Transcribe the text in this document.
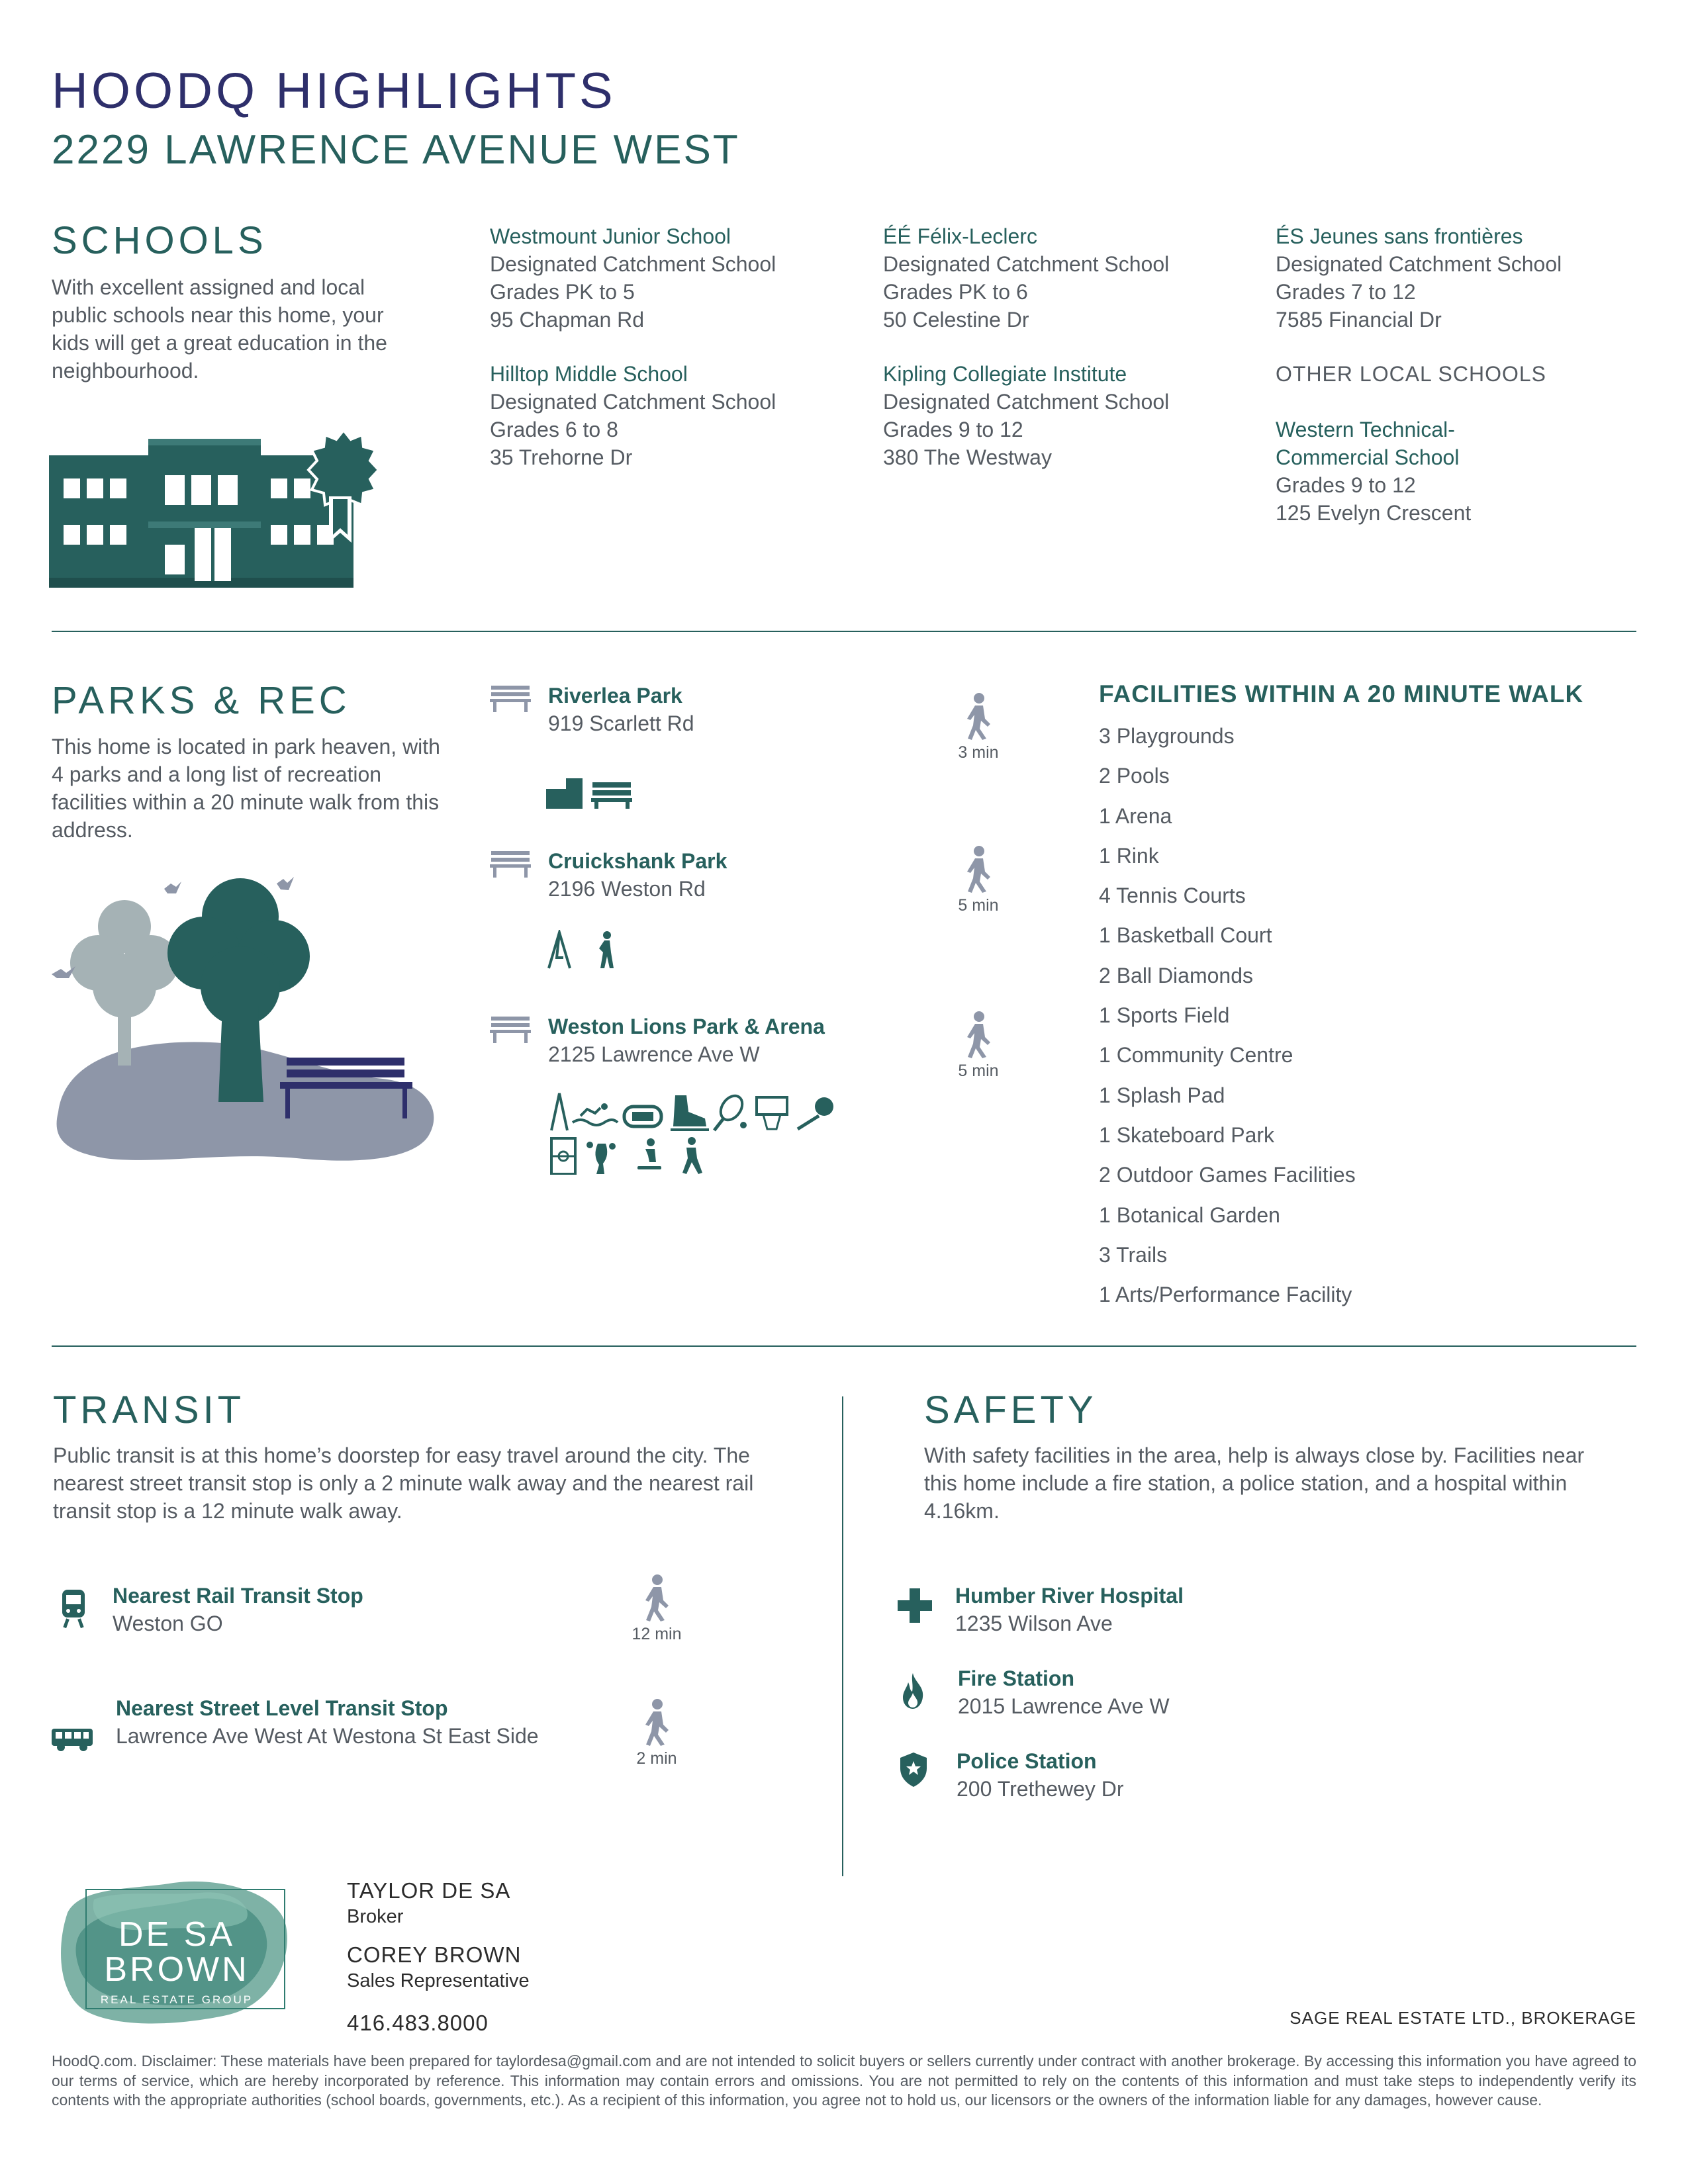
HOODQ HIGHLIGHTS
2229 LAWRENCE AVENUE WEST
SCHOOLS
With excellent assigned and local public schools near this home, your kids will get a great education in the neighbourhood.
Westmount Junior School
Designated Catchment School
Grades PK to 5
95 Chapman Rd
ÉÉ Félix-Leclerc
Designated Catchment School
Grades PK to 6
50 Celestine Dr
ÉS Jeunes sans frontières
Designated Catchment School
Grades 7 to 12
7585 Financial Dr
Hilltop Middle School
Designated Catchment School
Grades 6 to 8
35 Trehorne Dr
Kipling Collegiate Institute
Designated Catchment School
Grades 9 to 12
380 The Westway
OTHER LOCAL SCHOOLS
Western Technical-
Commercial School
Grades 9 to 12
125 Evelyn Crescent
PARKS & REC
This home is located in park heaven, with 4 parks and a long list of recreation facilities within a 20 minute walk from this address.
Riverlea Park
919 Scarlett Rd
3 min
Cruickshank Park
2196 Weston Rd
5 min
Weston Lions Park & Arena
2125 Lawrence Ave W
5 min
FACILITIES WITHIN A 20 MINUTE WALK
3 Playgrounds
2 Pools
1 Arena
1 Rink
4 Tennis Courts
1 Basketball Court
2 Ball Diamonds
1 Sports Field
1 Community Centre
1 Splash Pad
1 Skateboard Park
2 Outdoor Games Facilities
1 Botanical Garden
3 Trails
1 Arts/Performance Facility
TRANSIT
Public transit is at this home’s doorstep for easy travel around the city. The nearest street transit stop is only a 2 minute walk away and the nearest rail transit stop is a 12 minute walk away.
Nearest Rail Transit Stop
Weston GO	12 min
Nearest Street Level Transit Stop
Lawrence Ave West At Westona St East Side
2 min
SAFETY
With safety facilities in the area, help is always close by. Facilities near this home include a fire station, a police station, and a hospital within 4.16km.
Humber River Hospital
1235 Wilson Ave
Fire Station
2015 Lawrence Ave W
Police Station
200 Trethewey Dr
DE SA
BROWN
REAL ESTATE GROUP
TAYLOR DE SA
Broker
COREY BROWN
Sales Representative
416.483.8000	SAGE REAL ESTATE LTD., BROKERAGE
HoodQ.com. Disclaimer: These materials have been prepared for taylordesa@gmail.com and are not intended to solicit buyers or sellers currently under contract with another brokerage. By accessing this information you have agreed to our terms of service, which are hereby incorporated by reference. This information may contain errors and omissions. You are not permitted to rely on the contents of this information and must take steps to independently verify its contents with the appropriate authorities (school boards, governments, etc.). As a recipient of this information, you agree not to hold us, our licensors or the owners of the information liable for any damages, however cause.
